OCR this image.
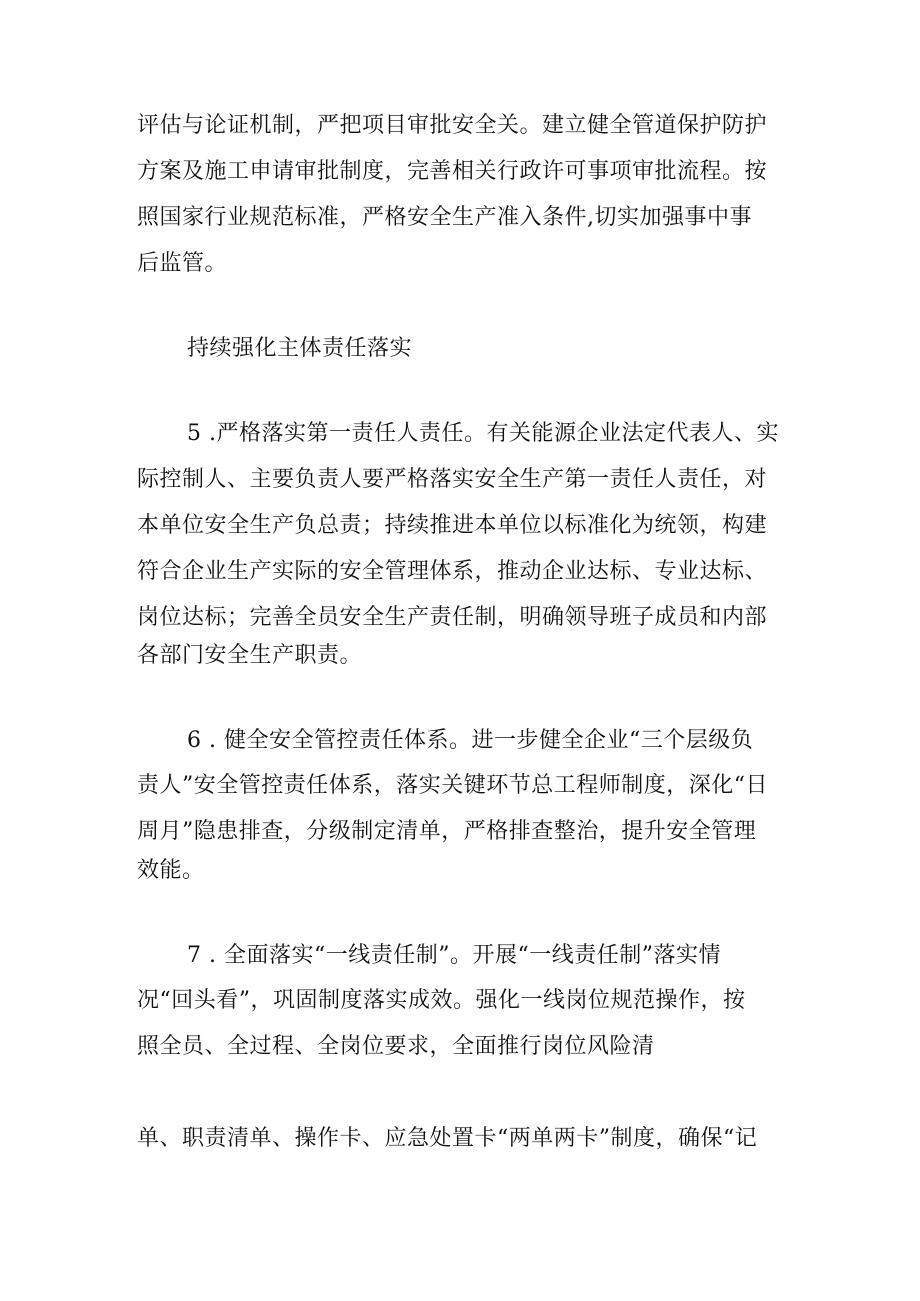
评估与论证机制，严把项目审批安全关。建立健全管道保护防护
方案及施工申请审批制度，完善相关行政许可事项审批流程。按
照国家行业规范标准，严格安全生产准入条件,切实加强事中事
后监管。
持续强化主体责任落实
5 .严格落实第一责任人责任。有关能源企业法定代表人、实
际控制人、主要负责人要严格落实安全生产第一责任人责任，对
本单位安全生产负总责；持续推进本单位以标准化为统领，构建
符合企业生产实际的安全管理体系，推动企业达标、专业达标、
岗位达标；完善全员安全生产责任制，明确领导班子成员和内部
各部门安全生产职责。
6 . 健全安全管控责任体系。进一步健全企业“三个层级负
责人”安全管控责任体系，落实关键环节总工程师制度，深化“日
周月”隐患排查，分级制定清单，严格排查整治，提升安全管理
效能。
7 . 全面落实“一线责任制”。开展“一线责任制”落实情
况“回头看”，巩固制度落实成效。强化一线岗位规范操作，按
照全员、全过程、全岗位要求，全面推行岗位风险清
单、职责清单、操作卡、应急处置卡“两单两卡”制度，确保“记
